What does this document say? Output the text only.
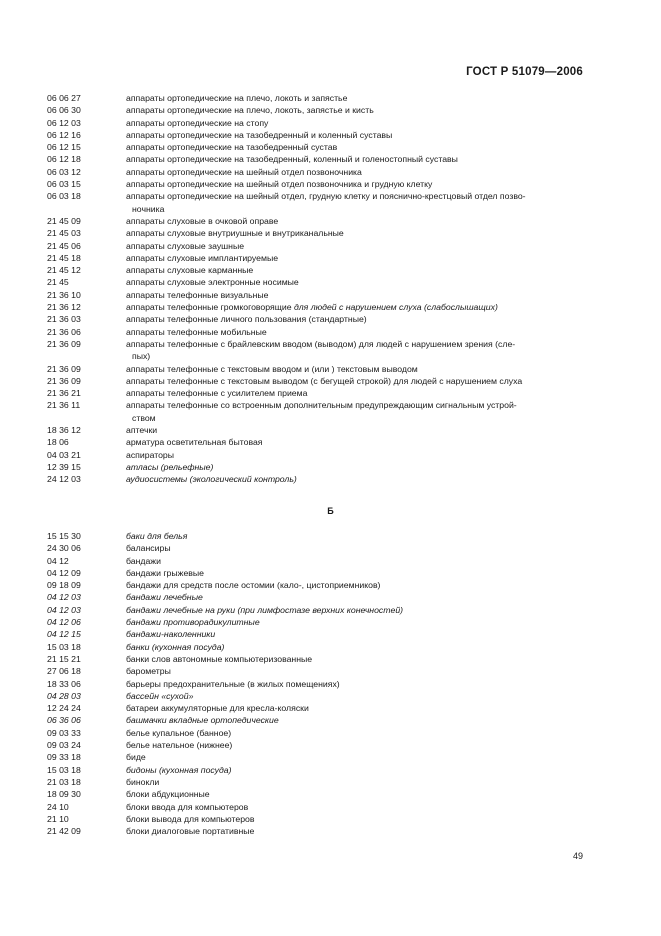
ГОСТ Р 51079—2006
06 06 27	аппараты ортопедические на плечо, локоть и запястье
06 06 30	аппараты ортопедические на плечо, локоть, запястье и кисть
06 12 03	аппараты ортопедические на стопу
06 12 16	аппараты ортопедические на тазобедренный и коленный суставы
06 12 15	аппараты ортопедические на тазобедренный сустав
06 12 18	аппараты ортопедические на тазобедренный, коленный и голеностопный суставы
06 03 12	аппараты ортопедические на шейный отдел позвоночника
06 03 15	аппараты ортопедические на шейный отдел позвоночника и грудную клетку
06 03 18	аппараты ортопедические на шейный отдел, грудную клетку и пояснично-крестцовый отдел позво-
ночника
21 45 09	аппараты слуховые в очковой оправе
21 45 03	аппараты слуховые внутриушные и внутриканальные
21 45 06	аппараты слуховые заушные
21 45 18	аппараты слуховые имплантируемые
21 45 12	аппараты слуховые карманные
21 45	аппараты слуховые электронные носимые
21 36 10	аппараты телефонные визуальные
21 36 12	аппараты телефонные громкоговорящие для людей с нарушением слуха (слабослышащих)
21 36 03	аппараты телефонные личного пользования (стандартные)
21 36 06	аппараты телефонные мобильные
21 36 09	аппараты телефонные с брайлевским вводом (выводом) для людей с нарушением зрения (сле-
пых)
21 36 09	аппараты телефонные с текстовым вводом и (или ) текстовым выводом
21 36 09	аппараты телефонные с текстовым выводом (с бегущей строкой) для людей с нарушением слуха
21 36 21	аппараты телефонные с усилителем приема
21 36 11	аппараты телефонные со встроенным дополнительным предупреждающим сигнальным устрой-
ством
18 36 12	аптечки
18 06	арматура осветительная бытовая
04 03 21	аспираторы
12 39 15	атласы (рельефные)
24 12 03	аудиосистемы (экологический контроль)
Б
15 15 30	баки для белья
24 30 06	балансиры
04 12	бандажи
04 12 09	бандажи грыжевые
09 18 09	бандажи для средств после остомии (кало-, цистоприемников)
04 12 03	бандажи лечебные
04 12 03	бандажи лечебные на руки (при лимфостазе верхних конечностей)
04 12 06	бандажи противорадикулитные
04 12 15	бандажи-наколенники
15 03 18	банки (кухонная посуда)
21 15 21	банки слов автономные компьютеризованные
27 06 18	барометры
18 33 06	барьеры предохранительные (в жилых помещениях)
04 28 03	бассейн «сухой»
12 24 24	батареи аккумуляторные для кресла-коляски
06 36 06	башмачки вкладные ортопедические
09 03 33	белье купальное (банное)
09 03 24	белье нательное (нижнее)
09 33 18	биде
15 03 18	бидоны (кухонная посуда)
21 03 18	бинокли
18 09 30	блоки абдукционные
24 10	блоки ввода для компьютеров
21 10	блоки вывода для компьютеров
21 42 09	блоки диалоговые портативные
49
